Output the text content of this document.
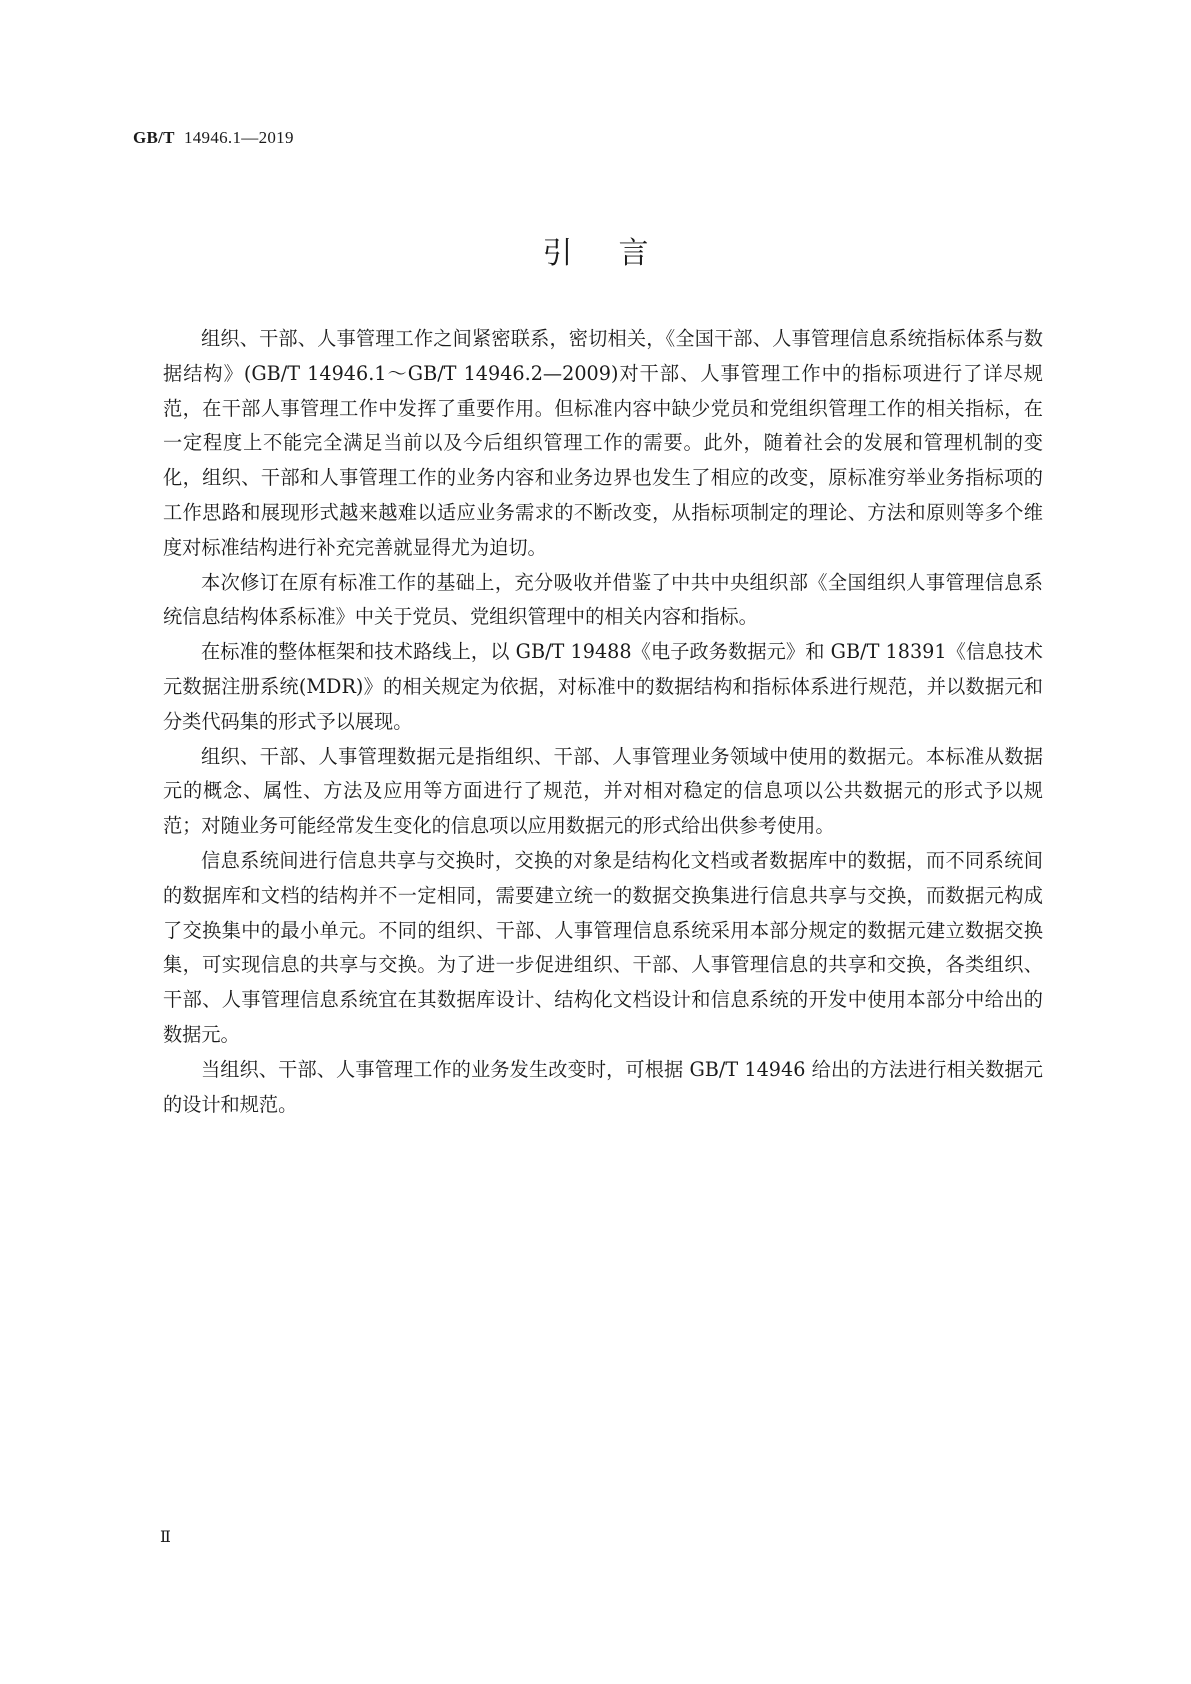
GB/T 14946.1—2019
引言

组织、干部、人事管理工作之间紧密联系，密切相关，《全国干部、人事管理信息系统指标体系与数据结构》(GB/T 14946.1～GB/T 14946.2—2009)对干部、人事管理工作中的指标项进行了详尽规范，在干部人事管理工作中发挥了重要作用。但标准内容中缺少党员和党组织管理工作的相关指标，在一定程度上不能完全满足当前以及今后组织管理工作的需要。此外，随着社会的发展和管理机制的变化，组织、干部和人事管理工作的业务内容和业务边界也发生了相应的改变，原标准穷举业务指标项的工作思路和展现形式越来越难以适应业务需求的不断改变，从指标项制定的理论、方法和原则等多个维度对标准结构进行补充完善就显得尤为迫切。

本次修订在原有标准工作的基础上，充分吸收并借鉴了中共中央组织部《全国组织人事管理信息系统信息结构体系标准》中关于党员、党组织管理中的相关内容和指标。

在标准的整体框架和技术路线上，以 GB/T 19488《电子政务数据元》和 GB/T 18391《信息技术　元数据注册系统(MDR)》的相关规定为依据，对标准中的数据结构和指标体系进行规范，并以数据元和分类代码集的形式予以展现。

组织、干部、人事管理数据元是指组织、干部、人事管理业务领域中使用的数据元。本标准从数据元的概念、属性、方法及应用等方面进行了规范，并对相对稳定的信息项以公共数据元的形式予以规范；对随业务可能经常发生变化的信息项以应用数据元的形式给出供参考使用。

信息系统间进行信息共享与交换时，交换的对象是结构化文档或者数据库中的数据，而不同系统间的数据库和文档的结构并不一定相同，需要建立统一的数据交换集进行信息共享与交换，而数据元构成了交换集中的最小单元。不同的组织、干部、人事管理信息系统采用本部分规定的数据元建立数据交换集，可实现信息的共享与交换。为了进一步促进组织、干部、人事管理信息的共享和交换，各类组织、干部、人事管理信息系统宜在其数据库设计、结构化文档设计和信息系统的开发中使用本部分中给出的数据元。

当组织、干部、人事管理工作的业务发生改变时，可根据 GB/T 14946 给出的方法进行相关数据元的设计和规范。

Ⅱ
